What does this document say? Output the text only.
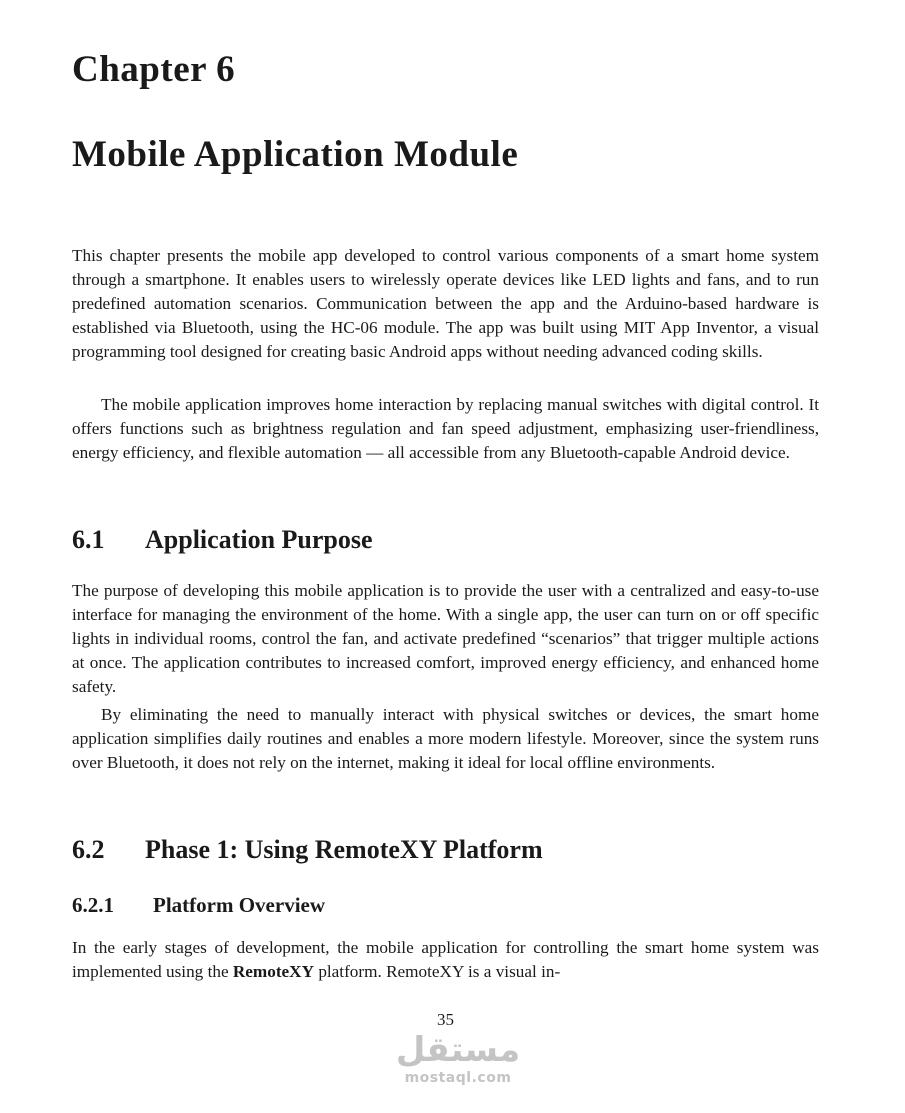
Chapter 6
Mobile Application Module

This chapter presents the mobile app developed to control various components of a smart home system through a smartphone. It enables users to wirelessly operate devices like LED lights and fans, and to run predefined automation scenarios. Communication between the app and the Arduino-based hardware is established via Bluetooth, using the HC-06 module. The app was built using MIT App Inventor, a visual programming tool designed for creating basic Android apps without needing advanced coding skills.

The mobile application improves home interaction by replacing manual switches with digital control. It offers functions such as brightness regulation and fan speed adjustment, emphasizing user-friendliness, energy efficiency, and flexible automation — all accessible from any Bluetooth-capable Android device.

6.1 Application Purpose

The purpose of developing this mobile application is to provide the user with a centralized and easy-to-use interface for managing the environment of the home. With a single app, the user can turn on or off specific lights in individual rooms, control the fan, and activate predefined “scenarios” that trigger multiple actions at once. The application contributes to increased comfort, improved energy efficiency, and enhanced home safety.

By eliminating the need to manually interact with physical switches or devices, the smart home application simplifies daily routines and enables a more modern lifestyle. Moreover, since the system runs over Bluetooth, it does not rely on the internet, making it ideal for local offline environments.

6.2 Phase 1: Using RemoteXY Platform
6.2.1 Platform Overview

In the early stages of development, the mobile application for controlling the smart home system was implemented using the RemoteXY platform. RemoteXY is a visual in-

35
مستقل
mostaql.com
